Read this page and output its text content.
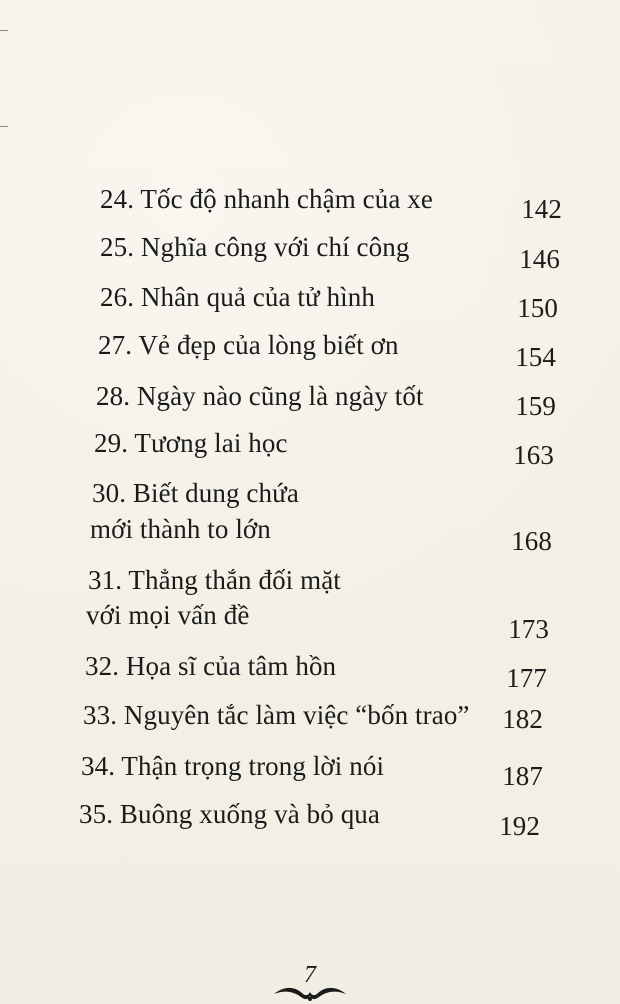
24. Tốc độ nhanh chậm của xe	142
25. Nghĩa công với chí công	146
26. Nhân quả của tử hình	150
27. Vẻ đẹp của lòng biết ơn	154
28. Ngày nào cũng là ngày tốt	159
29. Tương lai học	163
30. Biết dung chứa
mới thành to lớn	168
31. Thẳng thắn đối mặt
với mọi vấn đề	173
32. Họa sĩ của tâm hồn	177
33. Nguyên tắc làm việc “bốn trao”	182
34. Thận trọng trong lời nói	187
35. Buông xuống và bỏ qua	192
7
